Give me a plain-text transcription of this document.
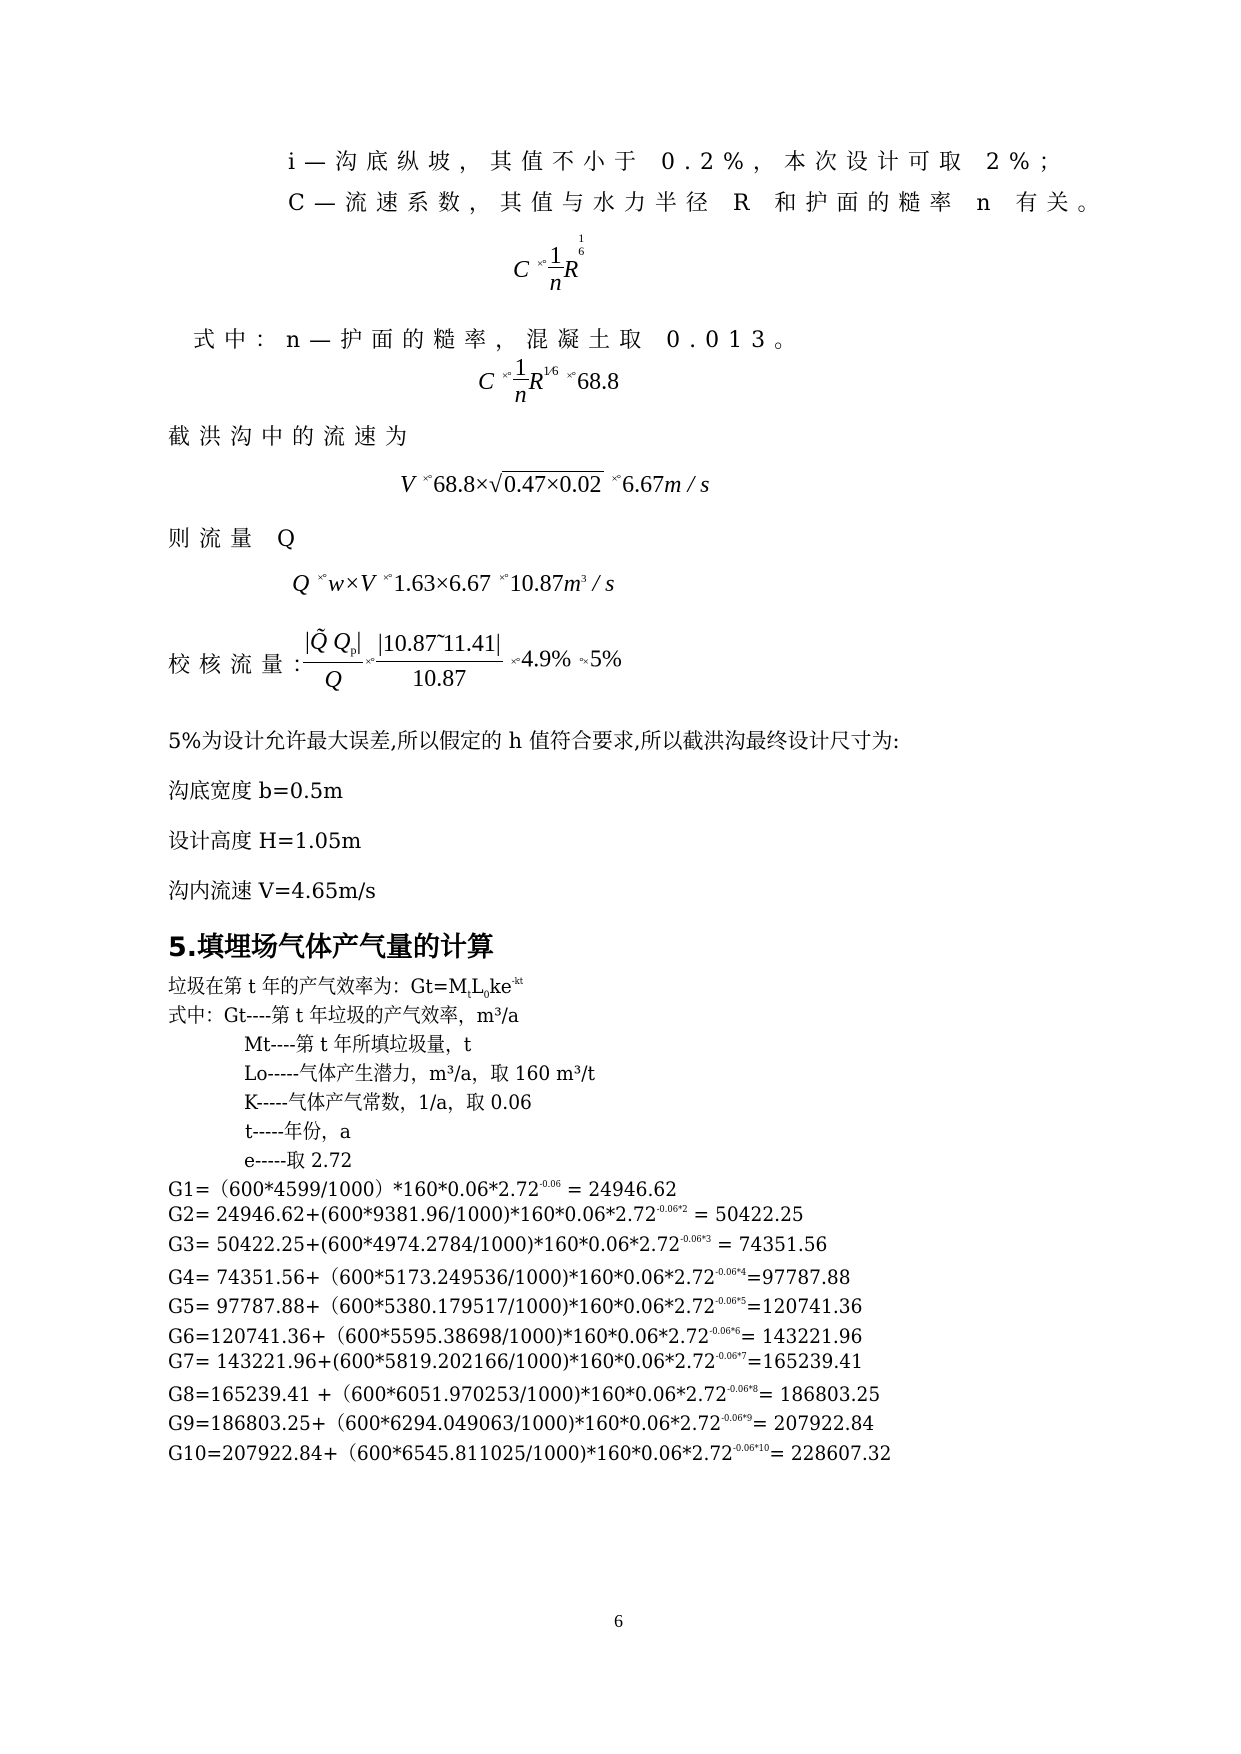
i—沟底纵坡，其值不小于 0.2%，本次设计可取 2%；
C—流速系数，其值与水力半径 R 和护面的糙率 n 有关。
C $^{\times^\circ} \frac{1}{n}$ R
1
6
式中：n—护面的糙率，混凝土取 0.013。
C $^{\times^\circ} \frac{1}{n} R^{1⁄6}$ ×°68.8
截洪沟中的流速为
V ×°68.8×√0.47×0.02 ×°6.67m / s
则流量 Q
Q ×°w×V ×°1.63×6.67 $^{\times^\circ}10.87m^3$ / s
校核流量：
$\frac{|Q̃ Q_p|}{Q}$ ×° $\frac{|10.87̃ 11.41|}{10.87} \times^\circ 4.9\%$ °×5%
5%为设计允许最大误差,所以假定的 h 值符合要求,所以截洪沟最终设计尺寸为:
沟底宽度 b=0.5m
设计高度 H=1.05m
沟内流速 V=4.65m/s
5.填埋场气体产气量的计算
垃圾在第 t 年的产气效率为：$Gt=M_tL_0ke^{-kt}$
式中：Gt----第 t 年垃圾的产气效率，m³/a
Mt----第 t 年所填垃圾量，t
Lo-----气体产生潜力，m³/a，取 160 m³/t
K-----气体产气常数，1/a，取 0.06
t-----年份，a
e-----取 2.72
$G1=(600*4599/1000)*160*0.06*2.72^{-0.06} = 24946.62$
$G2= 24946.62+(600*9381.96/1000)*160*0.06*2.72^{-0.06*2} = 50422.25$
$G3= 50422.25+(600*4974.2784/1000)*160*0.06*2.72^{-0.06*3} = 74351.56$
$G4= 74351.56+(600*5173.249536/1000)*160*0.06*2.72^{-0.06*4}=97787.88$
$G5= 97787.88+(600*5380.179517/1000)*160*0.06*2.72^{-0.06*5}=120741.36$
$G6=120741.36+(600*5595.38698/1000)*160*0.06*2.72^{-0.06*6}= 143221.96$
$G7= 143221.96+(600*5819.202166/1000)*160*0.06*2.72^{-0.06*7}=165239.41$
$G8=165239.41 +(600*6051.970253/1000)*160*0.06*2.72^{-0.06*8}= 186803.25$
$G9=186803.25+(600*6294.049063/1000)*160*0.06*2.72^{-0.06*9}= 207922.84$
$G10=207922.84+(600*6545.811025/1000)*160*0.06*2.72^{-0.06*10}= 228607.32$
6
